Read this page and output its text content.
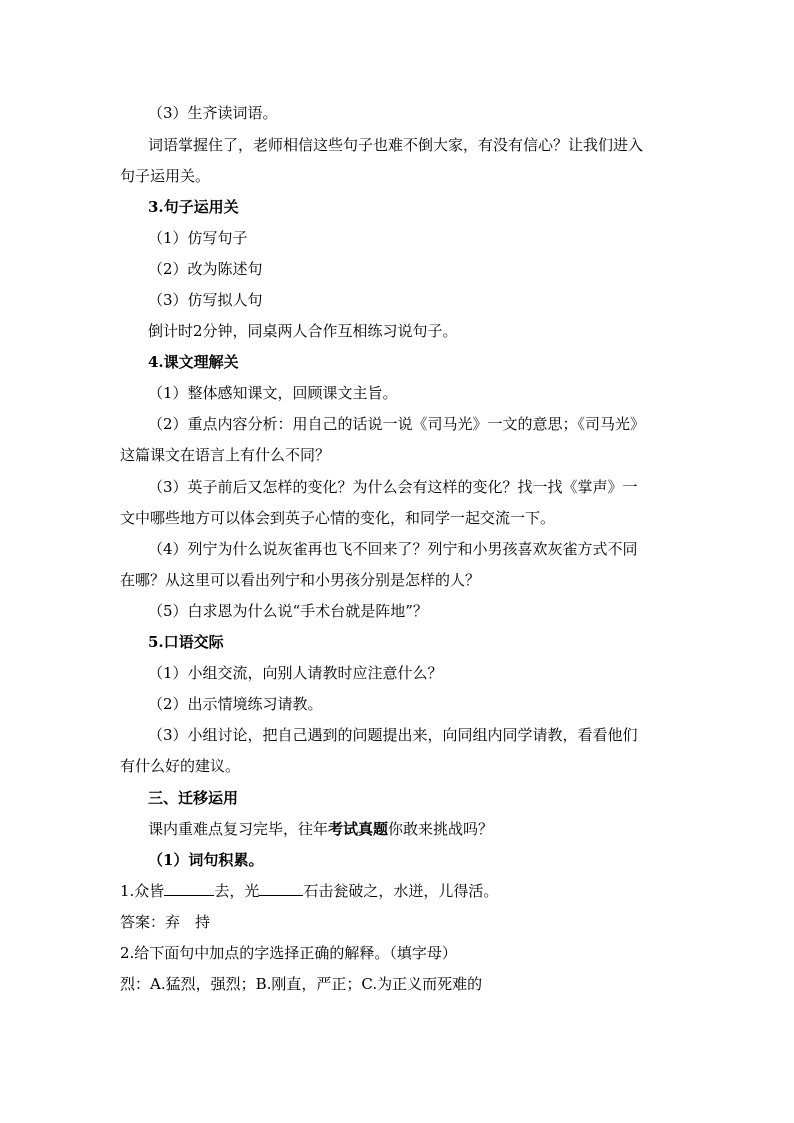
（3）生齐读词语。
词语掌握住了，老师相信这些句子也难不倒大家，有没有信心？让我们进入
句子运用关。
3.句子运用关
（1）仿写句子
（2）改为陈述句
（3）仿写拟人句
倒计时2分钟，同桌两人合作互相练习说句子。
4.课文理解关
（1）整体感知课文，回顾课文主旨。
（2）重点内容分析：用自己的话说一说《司马光》一文的意思；《司马光》
这篇课文在语言上有什么不同？
（3）英子前后又怎样的变化？为什么会有这样的变化？找一找《掌声》一
文中哪些地方可以体会到英子心情的变化，和同学一起交流一下。
（4）列宁为什么说灰雀再也飞不回来了？列宁和小男孩喜欢灰雀方式不同
在哪？从这里可以看出列宁和小男孩分别是怎样的人？
（5）白求恩为什么说“手术台就是阵地”？
5.口语交际
（1）小组交流，向别人请教时应注意什么？
（2）出示情境练习请教。
（3）小组讨论，把自己遇到的问题提出来，向同组内同学请教，看看他们
有什么好的建议。
三、迁移运用
课内重难点复习完毕，往年考试真题你敢来挑战吗？
（1）词句积累。
1.众皆	去，光	石击瓮破之，水迸，儿得活。
答案：弃　持
2.给下面句中加点的字选择正确的解释。（填字母）
烈：A.猛烈，强烈；B.刚直，严正；C.为正义而死难的
